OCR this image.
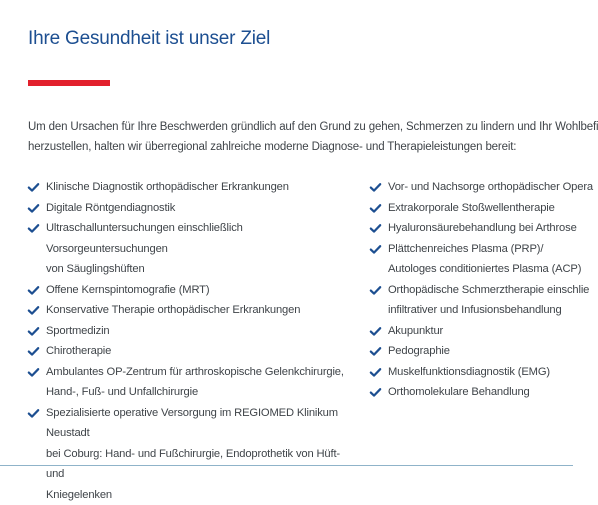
Ihre Gesundheit ist unser Ziel

Um den Ursachen für Ihre Beschwerden gründlich auf den Grund zu gehen, Schmerzen zu lindern und Ihr Wohlbefi
herzustellen, halten wir überregional zahlreiche moderne Diagnose- und Therapieleistungen bereit:

Klinische Diagnostik orthopädischer Erkrankungen
Digitale Röntgendiagnostik
Ultraschalluntersuchungen einschließlich Vorsorgeuntersuchungen
von Säuglingshüften
Offene Kernspintomografie (MRT)
Konservative Therapie orthopädischer Erkrankungen
Sportmedizin
Chirotherapie
Ambulantes OP-Zentrum für arthroskopische Gelenkchirurgie,
Hand-, Fuß- und Unfallchirurgie
Spezialisierte operative Versorgung im REGIOMED Klinikum Neustadt
bei Coburg: Hand- und Fußchirurgie, Endoprothetik von Hüft- und
Kniegelenken
Vor- und Nachsorge orthopädischer Opera
Extrakorporale Stoßwellentherapie
Hyaluronsäurebehandlung bei Arthrose
Plättchenreiches Plasma (PRP)/
Autologes conditioniertes Plasma (ACP)
Orthopädische Schmerztherapie einschlie
infiltrativer und Infusionsbehandlung
Akupunktur
Pedographie
Muskelfunktionsdiagnostik (EMG)
Orthomolekulare Behandlung
